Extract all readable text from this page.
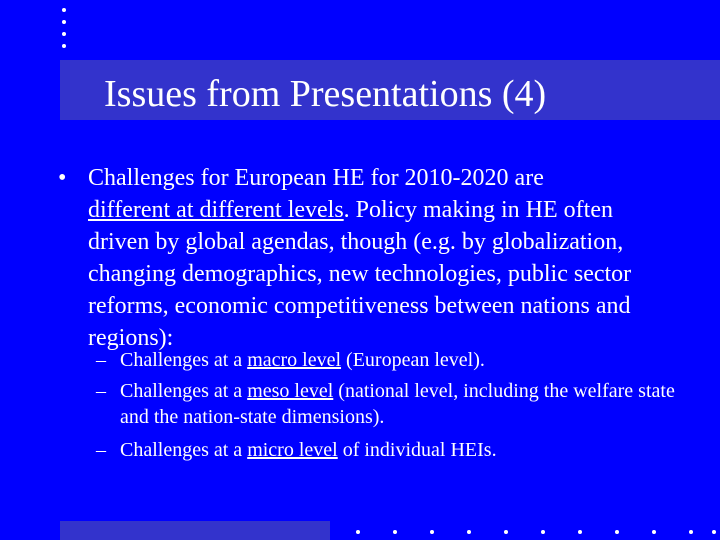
Issues from Presentations (4)
• Challenges for European HE for 2010-2020 are
different at different levels. Policy making in HE often driven by global agendas, though (e.g. by globalization, changing demographics, new technologies, public sector reforms, economic competitiveness between nations and regions):
– Challenges at a macro level (European level).
– Challenges at a meso level (national level, including the welfare state and the nation-state dimensions).
– Challenges at a micro level of individual HEIs.
